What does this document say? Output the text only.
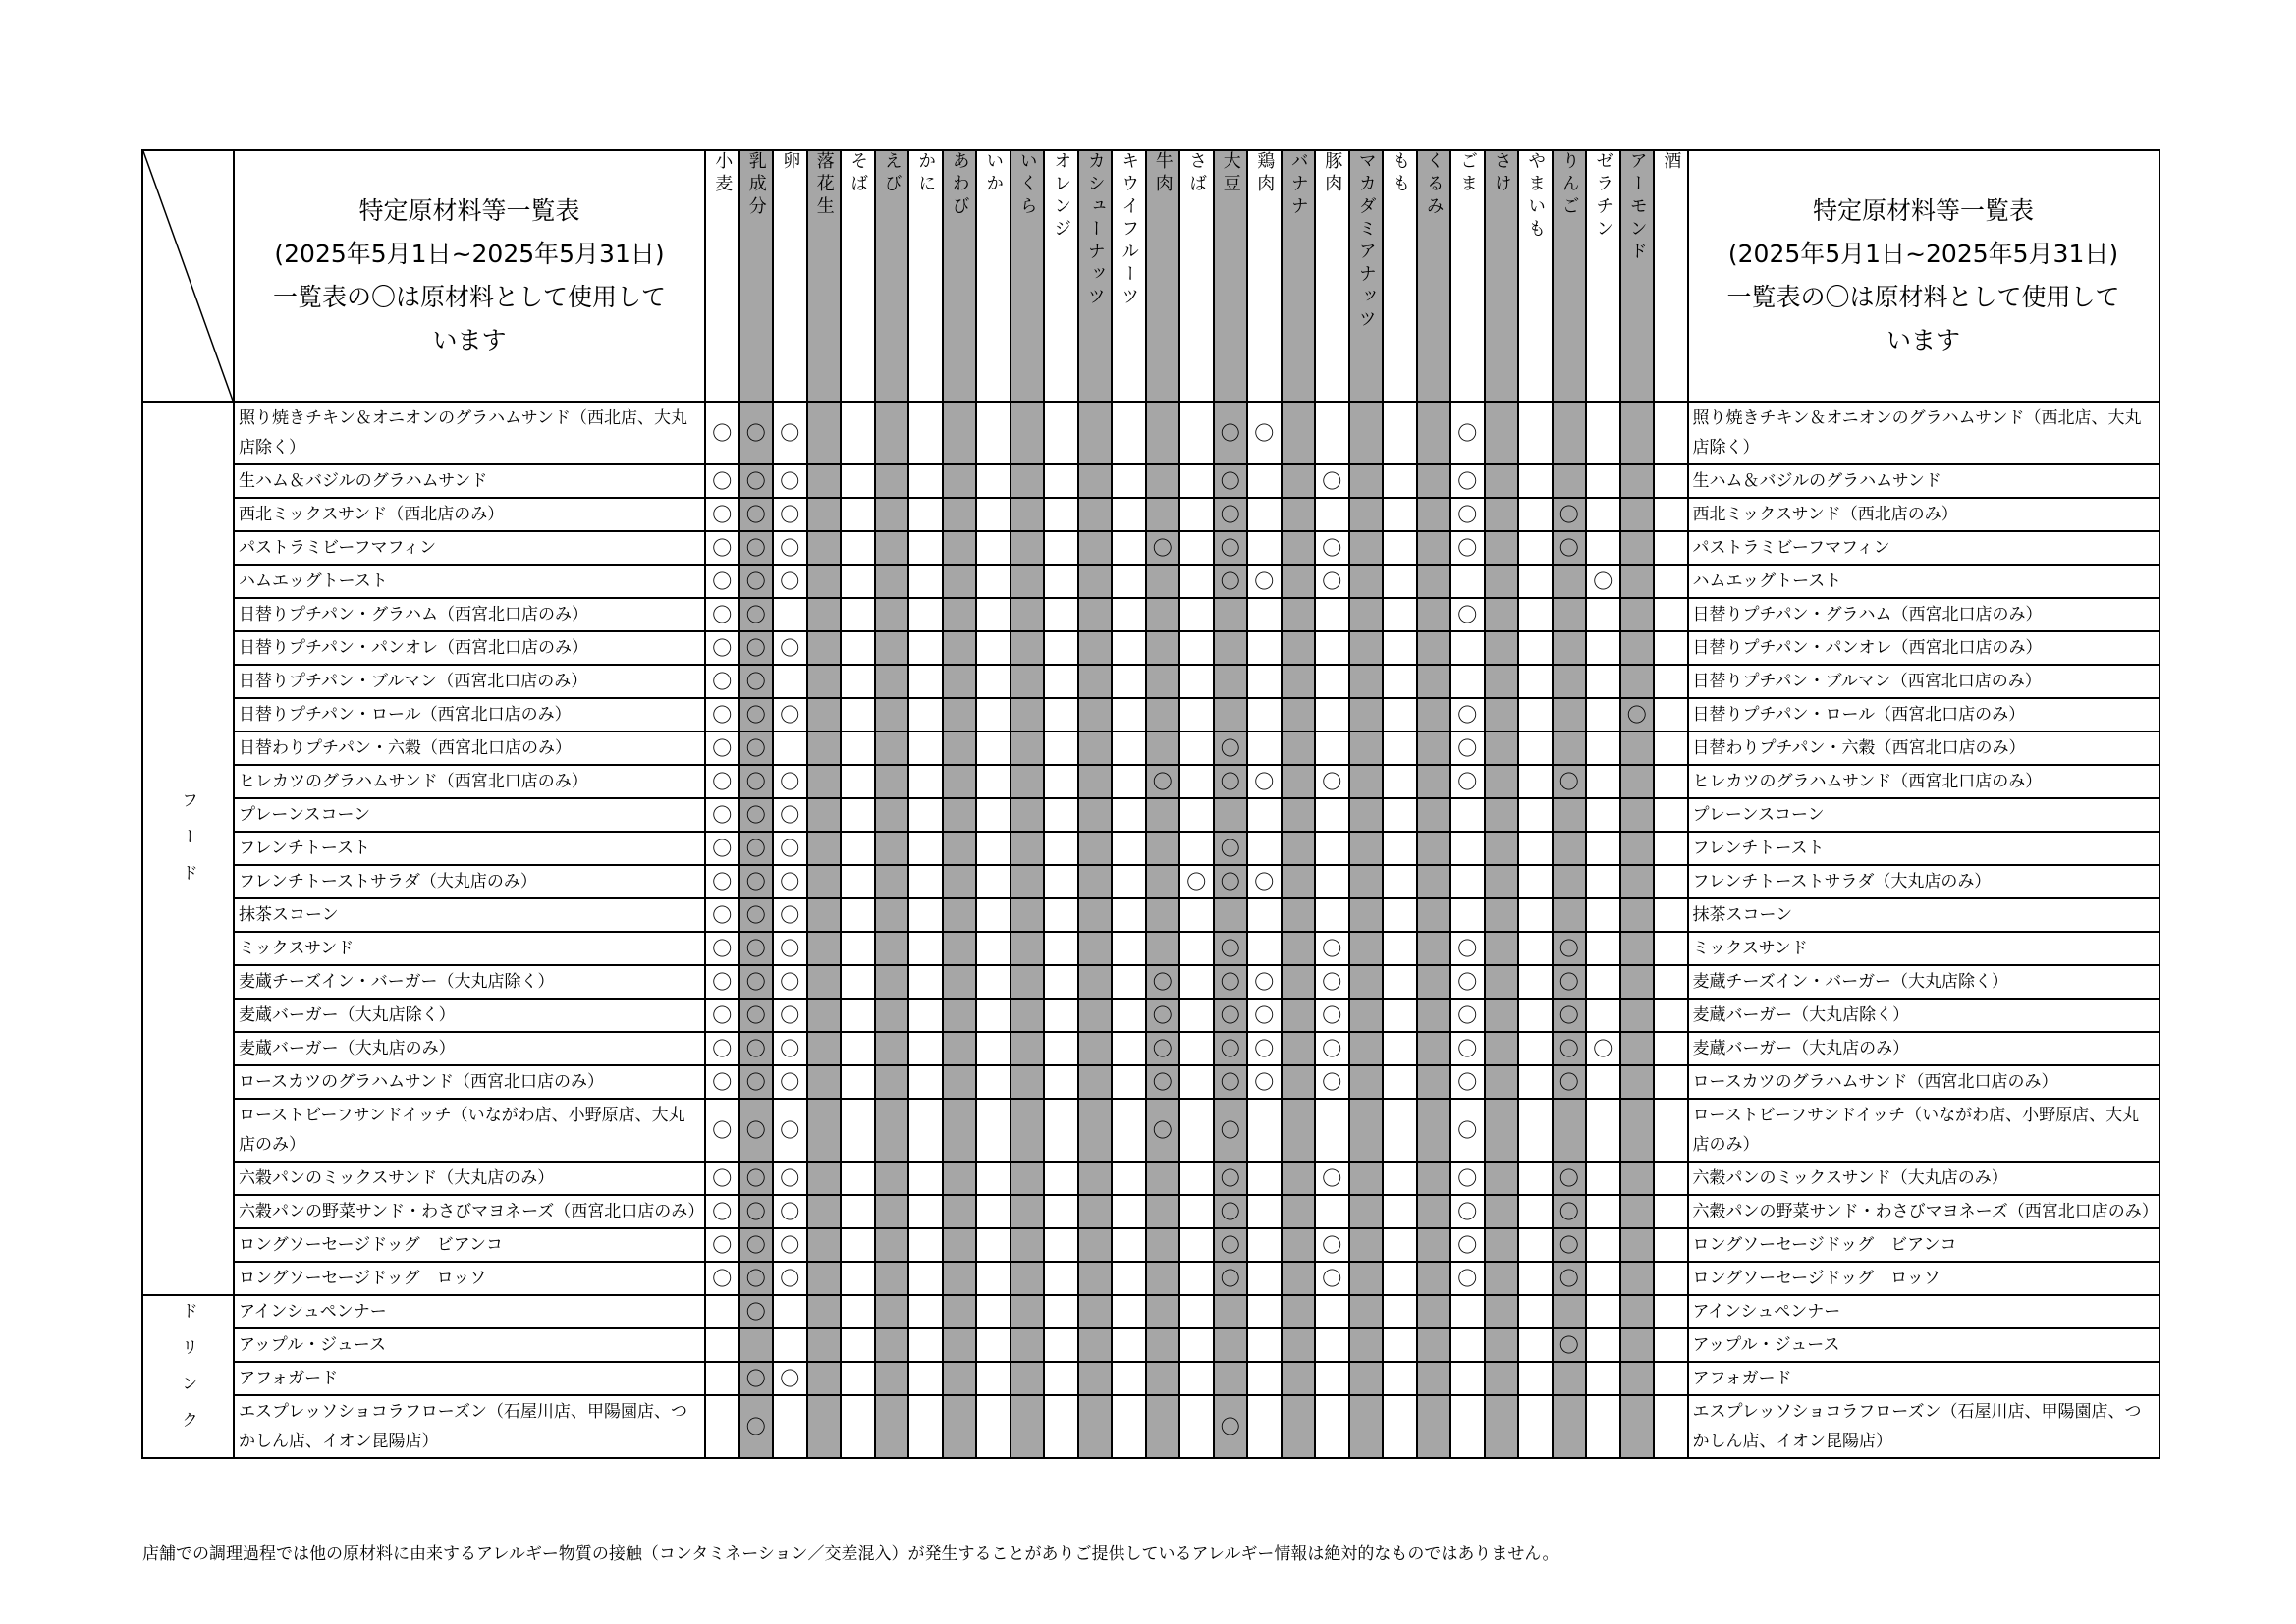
特定原材料等一覧表
(2025年5月1日~2025年5月31日)
一覧表の〇は原材料として使用して
います	小麦	乳成分	卵	落花生	そば	えび	かに	あわび	いか	いくら	オレンジ	カシューナッツ	キウイフルーツ	牛肉	さば	大豆	鶏肉	バナナ	豚肉	マカダミアナッツ	もも	くるみ	ごま	さけ	やまいも	りんご	ゼラチン	アーモンド	酒	特定原材料等一覧表
(2025年5月1日~2025年5月31日)
一覧表の〇は原材料として使用して
います

フード	照り焼きチキン＆オニオンのグラハムサンド（西北店、大丸店除く）	〇	〇	〇													〇	〇						〇							照り焼きチキン＆オニオンのグラハムサンド（西北店、大丸店除く）
	生ハム＆バジルのグラハムサンド	〇	〇	〇													〇			〇				〇							生ハム＆バジルのグラハムサンド
	西北ミックスサンド（西北店のみ）	〇	〇	〇													〇							〇			〇				西北ミックスサンド（西北店のみ）
	パストラミビーフマフィン	〇	〇	〇											〇		〇			〇				〇			〇				パストラミビーフマフィン
	ハムエッグトースト	〇	〇	〇													〇	〇		〇								〇			ハムエッグトースト
	日替りプチパン・グラハム（西宮北口店のみ）	〇	〇																					〇							日替りプチパン・グラハム（西宮北口店のみ）
	日替りプチパン・パンオレ（西宮北口店のみ）	〇	〇	〇																											日替りプチパン・パンオレ（西宮北口店のみ）
	日替りプチパン・ブルマン（西宮北口店のみ）	〇	〇																												日替りプチパン・ブルマン（西宮北口店のみ）
	日替りプチパン・ロール（西宮北口店のみ）	〇	〇	〇																				〇					〇		日替りプチパン・ロール（西宮北口店のみ）
	日替わりプチパン・六穀（西宮北口店のみ）	〇	〇														〇							〇							日替わりプチパン・六穀（西宮北口店のみ）
	ヒレカツのグラハムサンド（西宮北口店のみ）	〇	〇	〇											〇		〇	〇		〇				〇			〇				ヒレカツのグラハムサンド（西宮北口店のみ）
	プレーンスコーン	〇	〇	〇																											プレーンスコーン
	フレンチトースト	〇	〇	〇													〇														フレンチトースト
	フレンチトーストサラダ（大丸店のみ）	〇	〇	〇												〇	〇	〇													フレンチトーストサラダ（大丸店のみ）
	抹茶スコーン	〇	〇	〇																											抹茶スコーン
	ミックスサンド	〇	〇	〇													〇			〇				〇			〇				ミックスサンド
	麦蔵チーズイン・バーガー（大丸店除く）	〇	〇	〇											〇		〇	〇		〇				〇			〇				麦蔵チーズイン・バーガー（大丸店除く）
	麦蔵バーガー（大丸店除く）	〇	〇	〇											〇		〇	〇		〇				〇			〇				麦蔵バーガー（大丸店除く）
	麦蔵バーガー（大丸店のみ）	〇	〇	〇											〇		〇	〇		〇				〇			〇	〇			麦蔵バーガー（大丸店のみ）
	ロースカツのグラハムサンド（西宮北口店のみ）	〇	〇	〇											〇		〇	〇		〇				〇			〇				ロースカツのグラハムサンド（西宮北口店のみ）
	ローストビーフサンドイッチ（いながわ店、小野原店、大丸店のみ）	〇	〇	〇											〇		〇							〇							ローストビーフサンドイッチ（いながわ店、小野原店、大丸店のみ）
	六穀パンのミックスサンド（大丸店のみ）	〇	〇	〇													〇			〇				〇			〇				六穀パンのミックスサンド（大丸店のみ）
	六穀パンの野菜サンド・わさびマヨネーズ（西宮北口店のみ）	〇	〇	〇													〇							〇			〇				六穀パンの野菜サンド・わさびマヨネーズ（西宮北口店のみ）
	ロングソーセージドッグ　ビアンコ	〇	〇	〇													〇			〇				〇			〇				ロングソーセージドッグ　ビアンコ
	ロングソーセージドッグ　ロッソ	〇	〇	〇													〇			〇				〇			〇				ロングソーセージドッグ　ロッソ
ドリンク	アインシュペンナー		〇																												アインシュペンナー
	アップル・ジュース																										〇				アップル・ジュース
	アフォガード		〇	〇																											アフォガード
	エスプレッソショコラフローズン（石屋川店、甲陽園店、つかしん店、イオン昆陽店）		〇														〇														エスプレッソショコラフローズン（石屋川店、甲陽園店、つかしん店、イオン昆陽店）
店舗での調理過程では他の原材料に由来するアレルギー物質の接触（コンタミネーション／交差混入）が発生することがありご提供しているアレルギー情報は絶対的なものではありません。
